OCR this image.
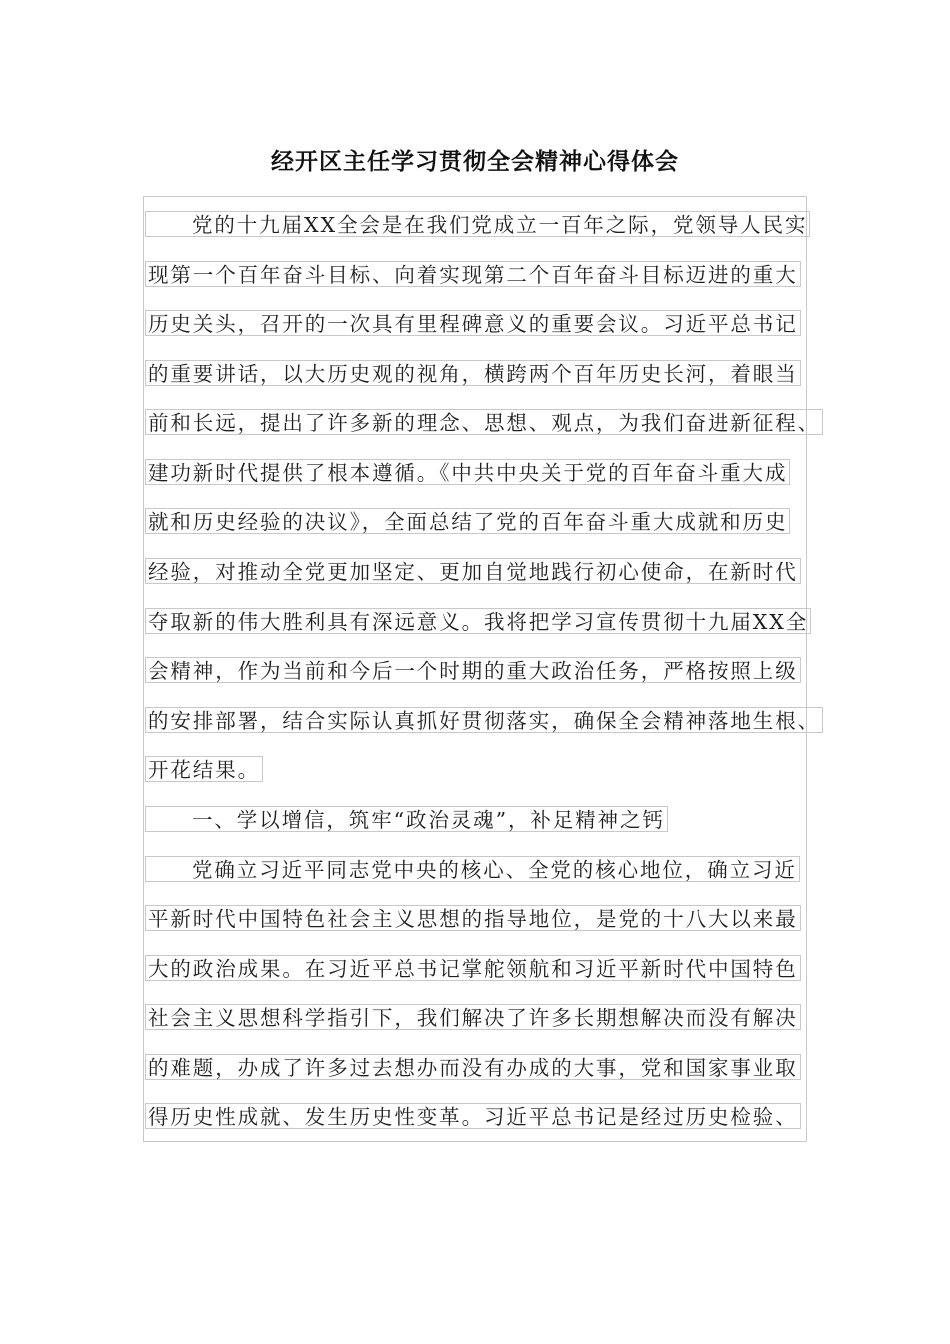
经开区主任学习贯彻全会精神心得体会
党的十九届XX全会是在我们党成立一百年之际，党领导人民实
现第一个百年奋斗目标、向着实现第二个百年奋斗目标迈进的重大
历史关头，召开的一次具有里程碑意义的重要会议。习近平总书记
的重要讲话，以大历史观的视角，横跨两个百年历史长河，着眼当
前和长远，提出了许多新的理念、思想、观点，为我们奋进新征程、
建功新时代提供了根本遵循。《中共中央关于党的百年奋斗重大成
就和历史经验的决议》，全面总结了党的百年奋斗重大成就和历史
经验，对推动全党更加坚定、更加自觉地践行初心使命，在新时代
夺取新的伟大胜利具有深远意义。我将把学习宣传贯彻十九届XX全
会精神，作为当前和今后一个时期的重大政治任务，严格按照上级
的安排部署，结合实际认真抓好贯彻落实，确保全会精神落地生根、
开花结果。
一、学以增信，筑牢“政治灵魂”，补足精神之钙
党确立习近平同志党中央的核心、全党的核心地位，确立习近
平新时代中国特色社会主义思想的指导地位，是党的十八大以来最
大的政治成果。在习近平总书记掌舵领航和习近平新时代中国特色
社会主义思想科学指引下，我们解决了许多长期想解决而没有解决
的难题，办成了许多过去想办而没有办成的大事，党和国家事业取
得历史性成就、发生历史性变革。习近平总书记是经过历史检验、
